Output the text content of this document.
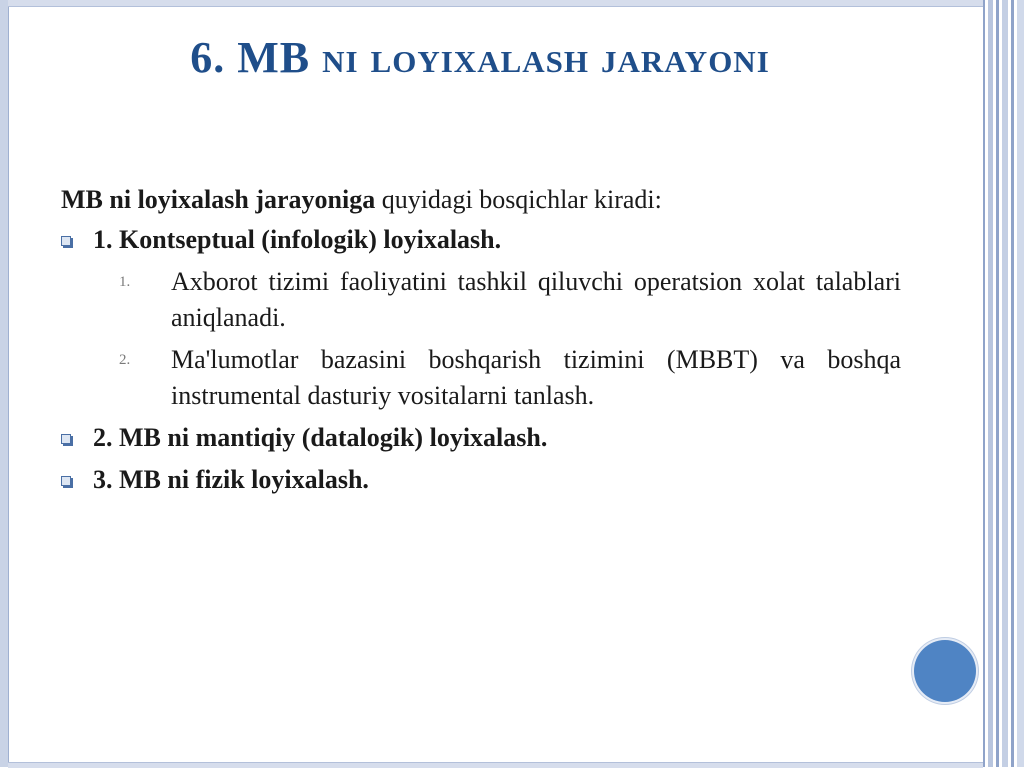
6. MB ni loyixalash jarayoni

MB ni loyixalash jarayoniga quyidagi bosqichlar kiradi:

1. Kontseptual (infologik) loyixalash.
1. Axborot tizimi faoliyatini tashkil qiluvchi operatsion xolat talablari aniqlanadi.
2. Ma'lumotlar bazasini boshqarish tizimini (MBBT) va boshqa instrumental dasturiy vositalarni tanlash.
2. MB ni mantiqiy (datalogik) loyixalash.
3. MB ni fizik loyixalash.
